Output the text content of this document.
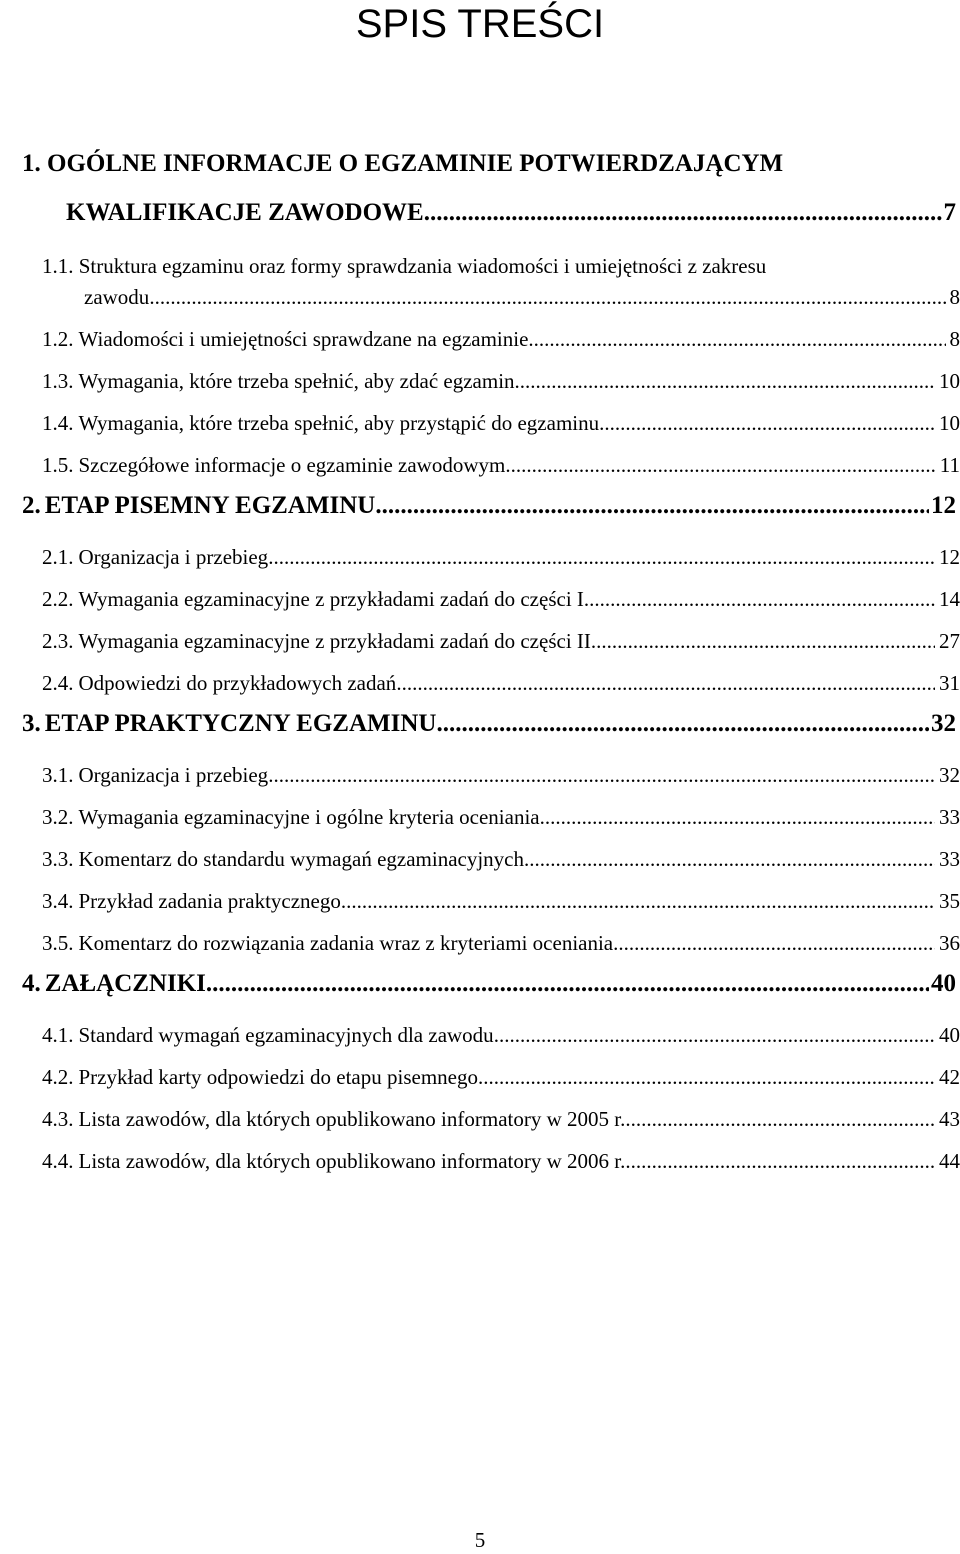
SPIS TREŚCI
1. OGÓLNE INFORMACJE O EGZAMINIE POTWIERDZAJĄCYM
KWALIFIKACJE ZAWODOWE .....	7
1.1. Struktura egzaminu oraz formy sprawdzania wiadomości i umiejętności z zakresu
zawodu .....	8
1.2. Wiadomości i umiejętności sprawdzane na egzaminie .....	8
1.3. Wymagania, które trzeba spełnić, aby zdać egzamin .....	10
1.4. Wymagania, które trzeba spełnić, aby przystąpić do egzaminu .....	10
1.5. Szczegółowe informacje o egzaminie zawodowym .....	11
2. ETAP PISEMNY EGZAMINU .....	12
2.1. Organizacja i przebieg .....	12
2.2. Wymagania egzaminacyjne z przykładami zadań do części I .....	14
2.3. Wymagania egzaminacyjne z przykładami zadań do części II .....	27
2.4. Odpowiedzi do przykładowych zadań .....	31
3. ETAP PRAKTYCZNY EGZAMINU .....	32
3.1. Organizacja i przebieg .....	32
3.2. Wymagania egzaminacyjne i ogólne kryteria oceniania .....	33
3.3. Komentarz do standardu wymagań egzaminacyjnych .....	33
3.4. Przykład zadania praktycznego .....	35
3.5. Komentarz do rozwiązania zadania wraz z kryteriami oceniania .....	36
4. ZAŁĄCZNIKI .....	40
4.1. Standard wymagań egzaminacyjnych dla zawodu .....	40
4.2. Przykład karty odpowiedzi do etapu pisemnego .....	42
4.3. Lista zawodów, dla których opublikowano informatory w 2005 r. .....	43
4.4. Lista zawodów, dla których opublikowano informatory w 2006 r. .....	44
5
